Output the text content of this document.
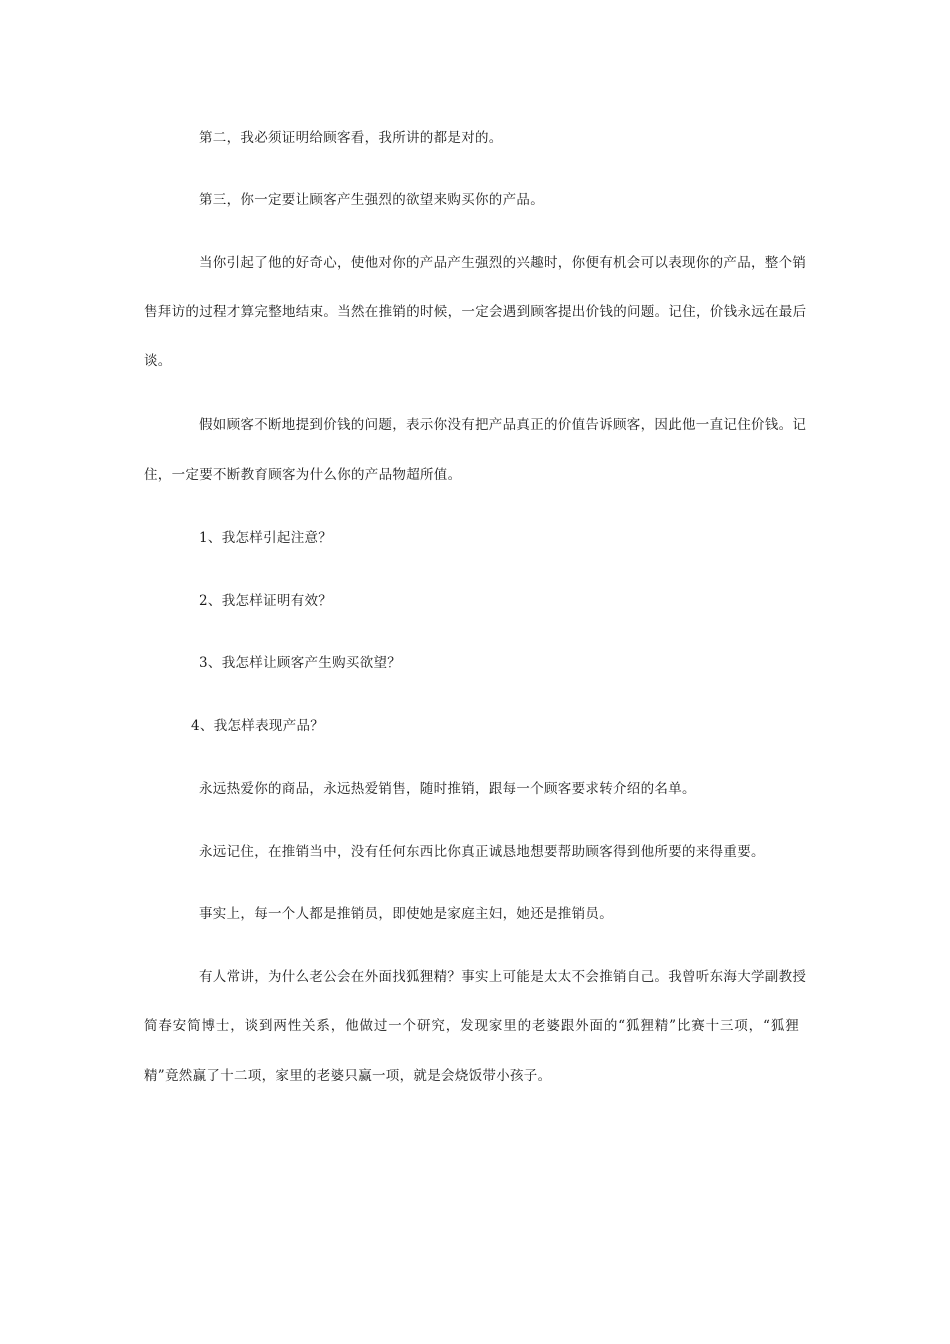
第二，我必须证明给顾客看，我所讲的都是对的。
第三，你一定要让顾客产生强烈的欲望来购买你的产品。
当你引起了他的好奇心，使他对你的产品产生强烈的兴趣时，你便有机会可以表现你的产品，整个销
售拜访的过程才算完整地结束。当然在推销的时候，一定会遇到顾客提出价钱的问题。记住，价钱永远在最后
谈。
假如顾客不断地提到价钱的问题，表示你没有把产品真正的价值告诉顾客，因此他一直记住价钱。记
住，一定要不断教育顾客为什么你的产品物超所值。
1、我怎样引起注意？
2、我怎样证明有效？
3、我怎样让顾客产生购买欲望？
4、我怎样表现产品？
永远热爱你的商品，永远热爱销售，随时推销，跟每一个顾客要求转介绍的名单。
永远记住，在推销当中，没有任何东西比你真正诚恳地想要帮助顾客得到他所要的来得重要。
事实上，每一个人都是推销员，即使她是家庭主妇，她还是推销员。
有人常讲，为什么老公会在外面找狐狸精？事实上可能是太太不会推销自己。我曾听东海大学副教授
简春安简博士，谈到两性关系，他做过一个研究，发现家里的老婆跟外面的“狐狸精”比赛十三项，“狐狸
精”竟然赢了十二项，家里的老婆只赢一项，就是会烧饭带小孩子。
